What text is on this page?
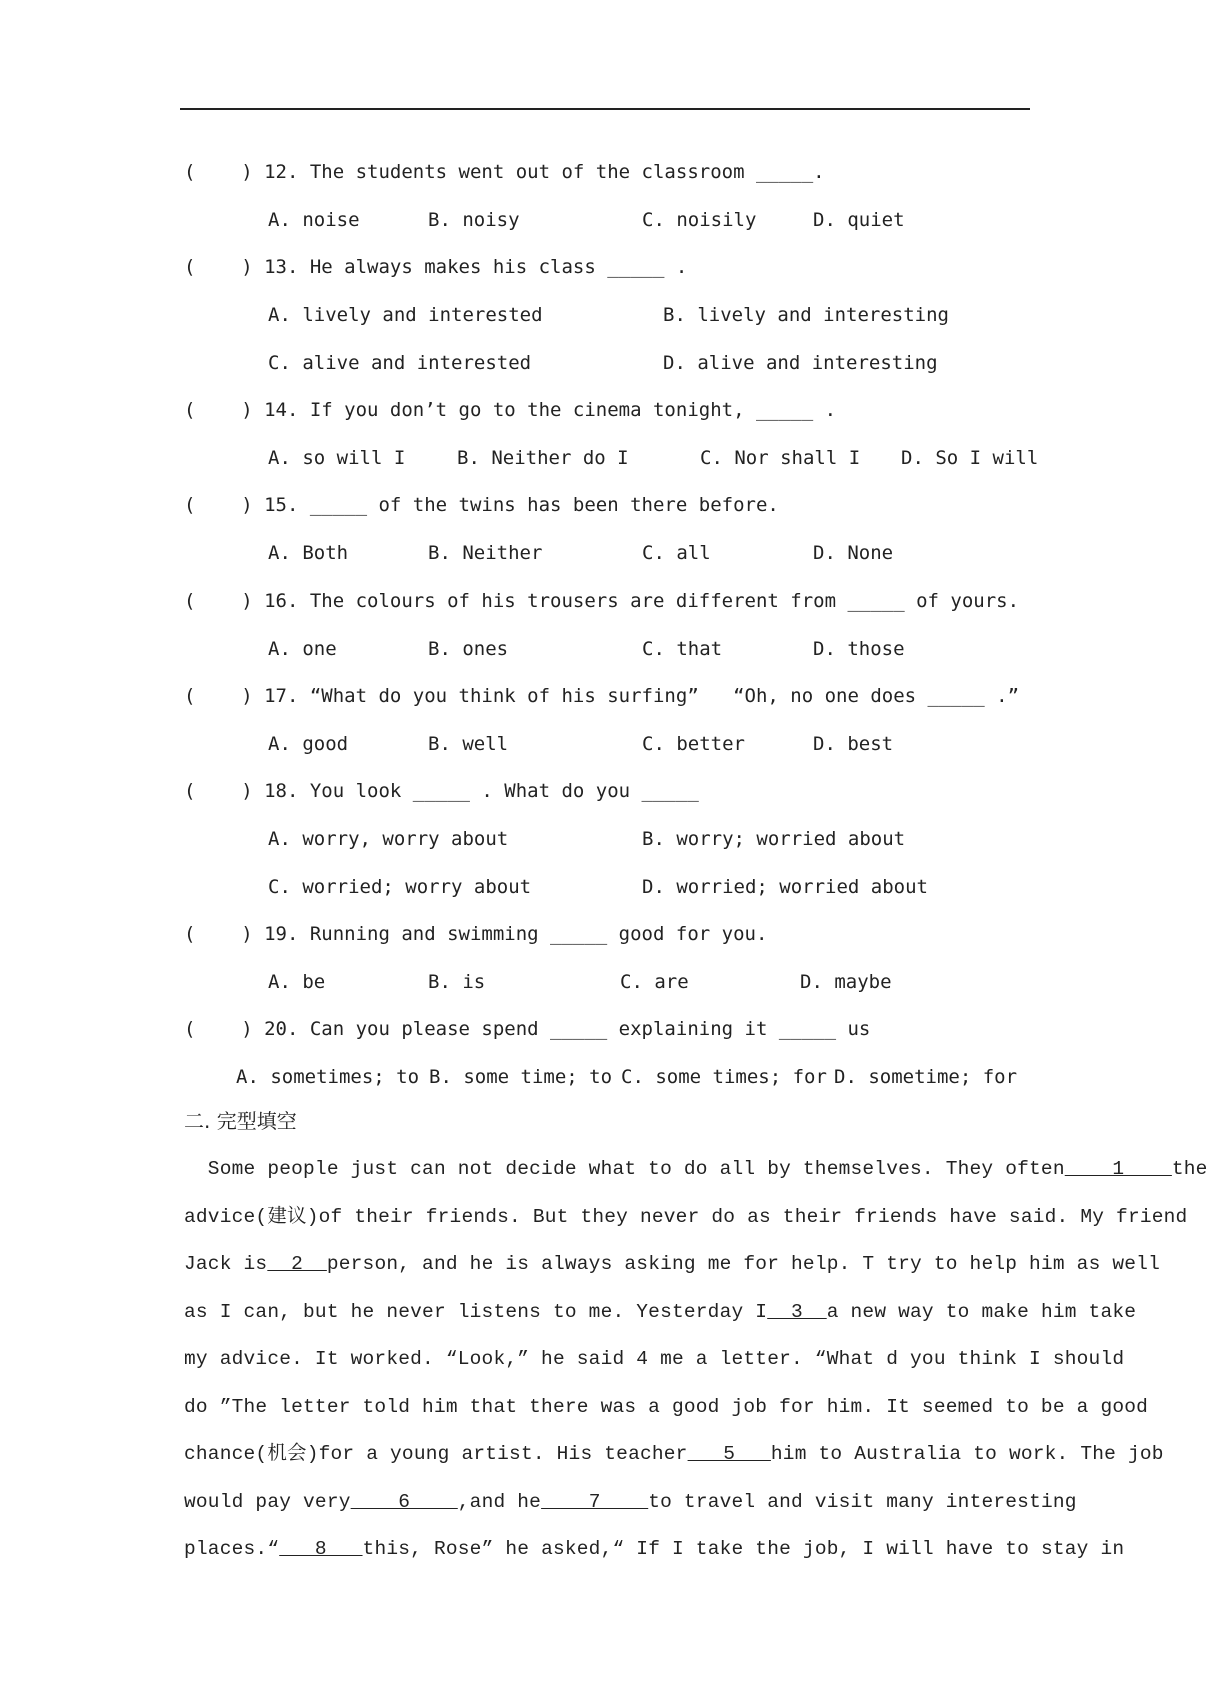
(    ) 12. The students went out of the classroom _____.
A. noise	B. noisy	C. noisily	D. quiet
(    ) 13. He always makes his class _____ .
A. lively and interested	B. lively and interesting
C. alive and interested	D. alive and interesting
(    ) 14. If you don’t go to the cinema tonight, _____ .
A. so will I	B. Neither do I	C. Nor shall I D. So I will
(    ) 15. _____ of the twins has been there before.
A. Both	B. Neither	C. all	D. None
(    ) 16. The colours of his trousers are different from _____ of yours.
A. one	B. ones	C. that	D. those
(    ) 17. “What do you think of his surfing”   “Oh, no one does _____ .”
A. good	B. well	C. better	D. best
(    ) 18. You look _____ . What do you _____
A. worry, worry about	B. worry; worried about
C. worried; worry about	D. worried; worried about
(    ) 19. Running and swimming _____ good for you.
A. be	B. is	C. are	D. maybe
(    ) 20. Can you please spend _____ explaining it _____ us
A. sometimes; to B. some time; to C. some times; for D. sometime; for
二. 完型填空
Some people just can not decide what to do all by themselves. They often    1    the
advice(建议)of their friends. But they never do as their friends have said. My friend
Jack is  2  person, and he is always asking me for help. T try to help him as well
as I can, but he never listens to me. Yesterday I  3  a new way to make him take
my advice. It worked. “Look,” he said 4 me a letter. “What d you think I should
do ”The letter told him that there was a good job for him. It seemed to be a good
chance(机会)for a young artist. His teacher   5   him to Australia to work. The job
would pay very    6    ,and he    7    to travel and visit many interesting
places.“   8   this, Rose” he asked,“ If I take the job, I will have to stay in
